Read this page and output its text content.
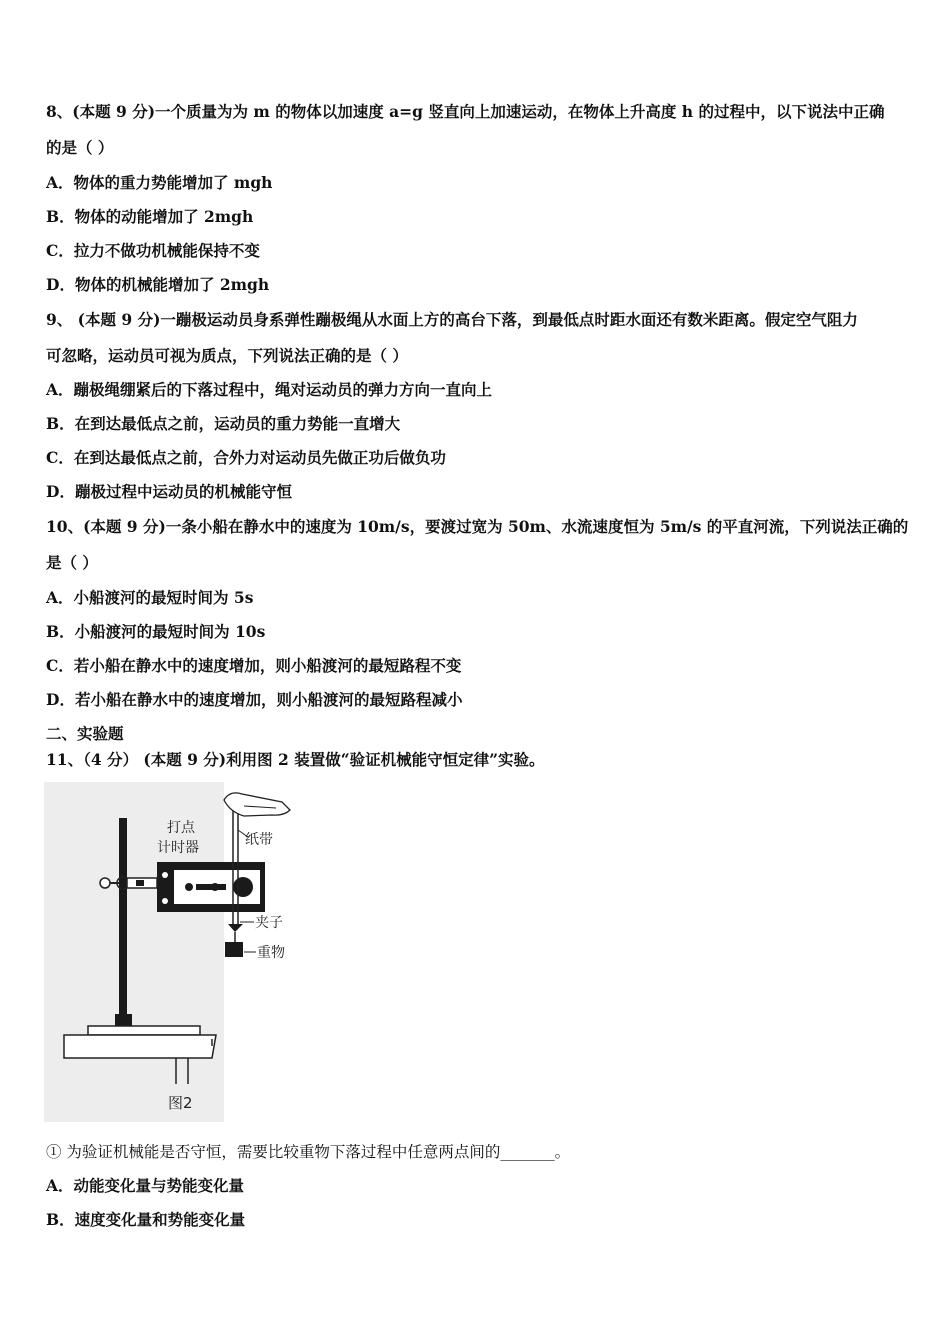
8、(本题 9 分)一个质量为为 m 的物体以加速度 a=g 竖直向上加速运动，在物体上升高度 h 的过程中，以下说法中正确
的是（ ）
A．物体的重力势能增加了 mgh
B．物体的动能增加了 2mgh
C．拉力不做功机械能保持不变
D．物体的机械能增加了 2mgh
9、 (本题 9 分)一蹦极运动员身系弹性蹦极绳从水面上方的高台下落，到最低点时距水面还有数米距离。假定空气阻力
可忽略，运动员可视为质点，下列说法正确的是（ ）
A．蹦极绳绷紧后的下落过程中，绳对运动员的弹力方向一直向上
B．在到达最低点之前，运动员的重力势能一直增大
C．在到达最低点之前，合外力对运动员先做正功后做负功
D．蹦极过程中运动员的机械能守恒
10、(本题 9 分)一条小船在静水中的速度为 10m/s，要渡过宽为 50m、水流速度恒为 5m/s 的平直河流，下列说法正确的
是（ ）
A．小船渡河的最短时间为 5s
B．小船渡河的最短时间为 10s
C．若小船在静水中的速度增加，则小船渡河的最短路程不变
D．若小船在静水中的速度增加，则小船渡河的最短路程减小
二、实验题
11、（4 分） (本题 9 分)利用图 2 装置做“验证机械能守恒定律”实验。
打点
计时器	纸带
夹子
重物
图2
① 为验证机械能是否守恒，需要比较重物下落过程中任意两点间的_______。
A．动能变化量与势能变化量
B．速度变化量和势能变化量
